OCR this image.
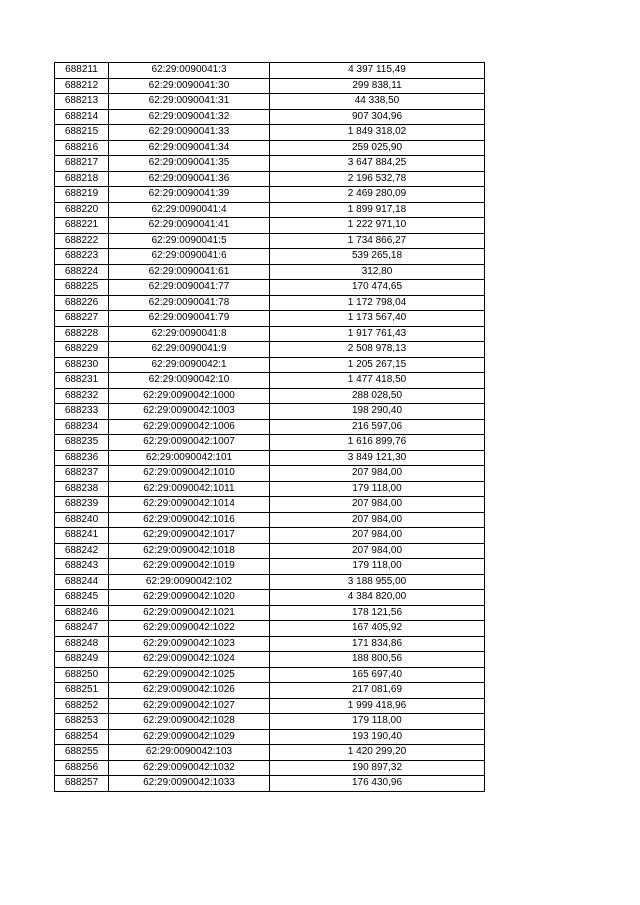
688211	62:29:0090041:3	4 397 115,49
688212	62:29:0090041:30	299 838,11
688213	62:29:0090041:31	44 338,50
688214	62:29:0090041:32	907 304,96
688215	62:29:0090041:33	1 849 318,02
688216	62:29:0090041:34	259 025,90
688217	62:29:0090041:35	3 647 884,25
688218	62:29:0090041:36	2 196 532,78
688219	62:29:0090041:39	2 469 280,09
688220	62:29:0090041:4	1 899 917,18
688221	62:29:0090041:41	1 222 971,10
688222	62:29:0090041:5	1 734 866,27
688223	62:29:0090041:6	539 265,18
688224	62:29:0090041:61	312,80
688225	62:29:0090041:77	170 474,65
688226	62:29:0090041:78	1 172 798,04
688227	62:29:0090041:79	1 173 567,40
688228	62:29:0090041:8	1 917 761,43
688229	62:29:0090041:9	2 508 978,13
688230	62:29:0090042:1	1 205 267,15
688231	62:29:0090042:10	1 477 418,50
688232	62:29:0090042:1000	288 028,50
688233	62:29:0090042:1003	198 290,40
688234	62:29:0090042:1006	216 597,06
688235	62:29:0090042:1007	1 616 899,76
688236	62:29:0090042:101	3 849 121,30
688237	62:29:0090042:1010	207 984,00
688238	62:29:0090042:1011	179 118,00
688239	62:29:0090042:1014	207 984,00
688240	62:29:0090042:1016	207 984,00
688241	62:29:0090042:1017	207 984,00
688242	62:29:0090042:1018	207 984,00
688243	62:29:0090042:1019	179 118,00
688244	62:29:0090042:102	3 188 955,00
688245	62:29:0090042:1020	4 384 820,00
688246	62:29:0090042:1021	178 121,56
688247	62:29:0090042:1022	167 405,92
688248	62:29:0090042:1023	171 834,86
688249	62:29:0090042:1024	188 800,56
688250	62:29:0090042:1025	165 697,40
688251	62:29:0090042:1026	217 081,69
688252	62:29:0090042:1027	1 999 418,96
688253	62:29:0090042:1028	179 118,00
688254	62:29:0090042:1029	193 190,40
688255	62:29:0090042:103	1 420 299,20
688256	62:29:0090042:1032	190 897,32
688257	62:29:0090042:1033	176 430,96
